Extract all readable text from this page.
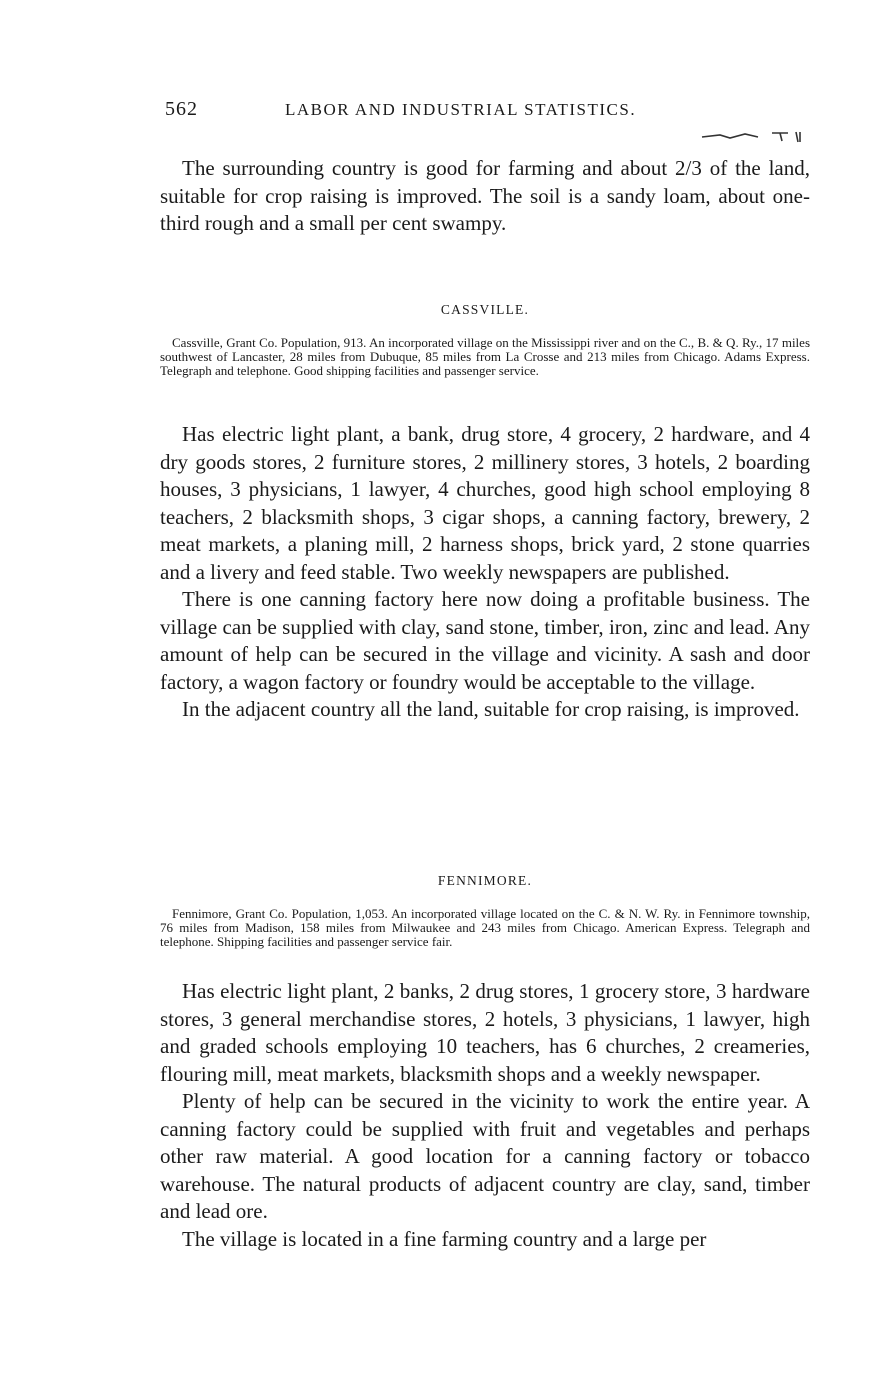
562	LABOR AND INDUSTRIAL STATISTICS.

The surrounding country is good for farming and about 2/3 of the land, suitable for crop raising is improved. The soil is a sandy loam, about one-third rough and a small per cent swampy.

CASSVILLE.

Cassville, Grant Co. Population, 913. An incorporated village on the Mississippi river and on the C., B. & Q. Ry., 17 miles southwest of Lancaster, 28 miles from Dubuque, 85 miles from La Crosse and 213 miles from Chicago. Adams Express. Telegraph and telephone. Good shipping facilities and passenger service.

Has electric light plant, a bank, drug store, 4 grocery, 2 hardware, and 4 dry goods stores, 2 furniture stores, 2 millinery stores, 3 hotels, 2 boarding houses, 3 physicians, 1 lawyer, 4 churches, good high school employing 8 teachers, 2 blacksmith shops, 3 cigar shops, a canning factory, brewery, 2 meat markets, a planing mill, 2 harness shops, brick yard, 2 stone quarries and a livery and feed stable. Two weekly newspapers are published.

There is one canning factory here now doing a profitable business. The village can be supplied with clay, sand stone, timber, iron, zinc and lead. Any amount of help can be secured in the village and vicinity. A sash and door factory, a wagon factory or foundry would be acceptable to the village.

In the adjacent country all the land, suitable for crop raising, is improved.

FENNIMORE.

Fennimore, Grant Co. Population, 1,053. An incorporated village located on the C. & N. W. Ry. in Fennimore township, 76 miles from Madison, 158 miles from Milwaukee and 243 miles from Chicago. American Express. Telegraph and telephone. Shipping facilities and passenger service fair.

Has electric light plant, 2 banks, 2 drug stores, 1 grocery store, 3 hardware stores, 3 general merchandise stores, 2 hotels, 3 physicians, 1 lawyer, high and graded schools employing 10 teachers, has 6 churches, 2 creameries, flouring mill, meat markets, blacksmith shops and a weekly newspaper.

Plenty of help can be secured in the vicinity to work the entire year. A canning factory could be supplied with fruit and vegetables and perhaps other raw material. A good location for a canning factory or tobacco warehouse. The natural products of adjacent country are clay, sand, timber and lead ore.

The village is located in a fine farming country and a large per
